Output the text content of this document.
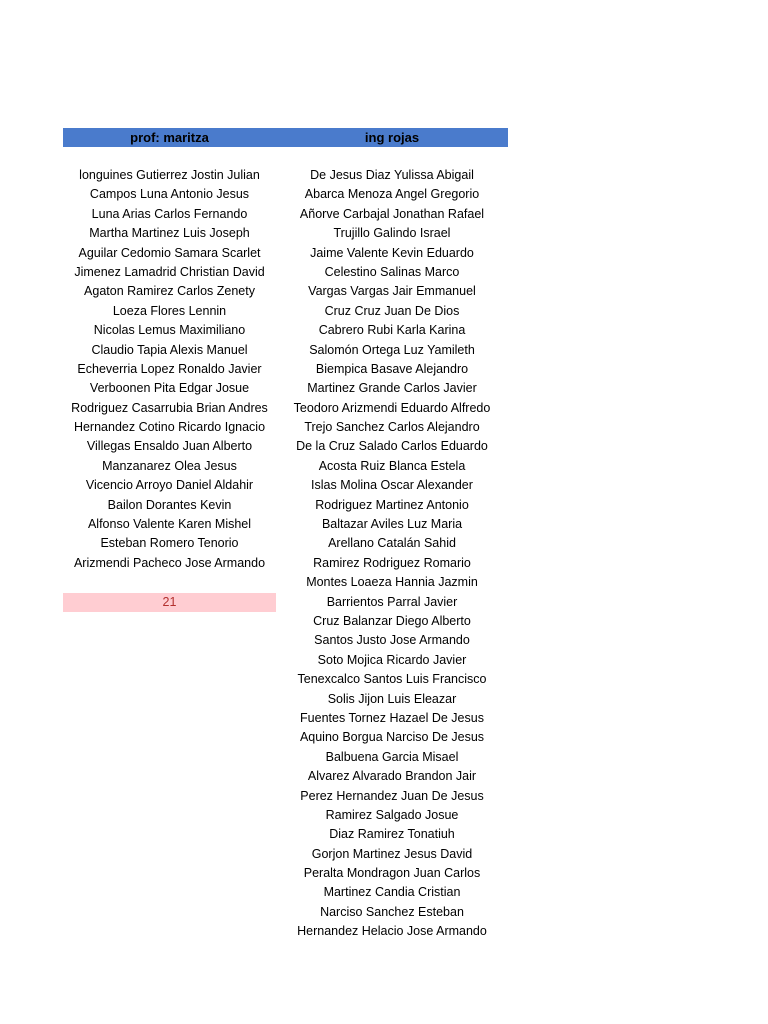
prof: maritza	ing rojas
longuines Gutierrez Jostin Julian
Campos Luna Antonio Jesus
Luna Arias Carlos Fernando
Martha Martinez Luis Joseph
Aguilar Cedomio Samara Scarlet
Jimenez Lamadrid Christian David
Agaton Ramirez Carlos Zenety
Loeza Flores Lennin
Nicolas Lemus Maximiliano
Claudio Tapia Alexis Manuel
Echeverria Lopez Ronaldo Javier
Verboonen Pita Edgar Josue
Rodriguez Casarrubia Brian Andres
Hernandez Cotino Ricardo Ignacio
Villegas Ensaldo Juan Alberto
Manzanarez Olea Jesus
Vicencio Arroyo Daniel Aldahir
Bailon Dorantes Kevin
Alfonso Valente Karen Mishel
Esteban Romero Tenorio
Arizmendi Pacheco Jose Armando
De Jesus Diaz Yulissa Abigail
Abarca Menoza Angel Gregorio
Añorve Carbajal Jonathan Rafael
Trujillo Galindo Israel
Jaime Valente Kevin Eduardo
Celestino Salinas Marco
Vargas Vargas Jair Emmanuel
Cruz Cruz Juan De Dios
Cabrero Rubi Karla Karina
Salomón Ortega Luz Yamileth
Biempica Basave Alejandro
Martinez Grande Carlos Javier
Teodoro Arizmendi Eduardo Alfredo
Trejo Sanchez Carlos Alejandro
De la Cruz Salado Carlos Eduardo
Acosta Ruiz Blanca Estela
Islas Molina Oscar Alexander
Rodriguez Martinez Antonio
Baltazar Aviles Luz Maria
Arellano Catalán Sahid
Ramirez Rodriguez Romario
Montes Loaeza Hannia Jazmin
Barrientos Parral Javier
Cruz Balanzar Diego Alberto
Santos Justo Jose Armando
Soto Mojica Ricardo Javier
Tenexcalco Santos Luis Francisco
Solis Jijon Luis Eleazar
Fuentes Tornez Hazael De Jesus
Aquino Borgua Narciso De Jesus
Balbuena Garcia Misael
Alvarez Alvarado Brandon Jair
Perez Hernandez Juan De Jesus
Ramirez Salgado Josue
Diaz Ramirez Tonatiuh
Gorjon Martinez Jesus David
Peralta Mondragon Juan Carlos
Martinez Candia Cristian
Narciso Sanchez Esteban
Hernandez Helacio Jose Armando
21
